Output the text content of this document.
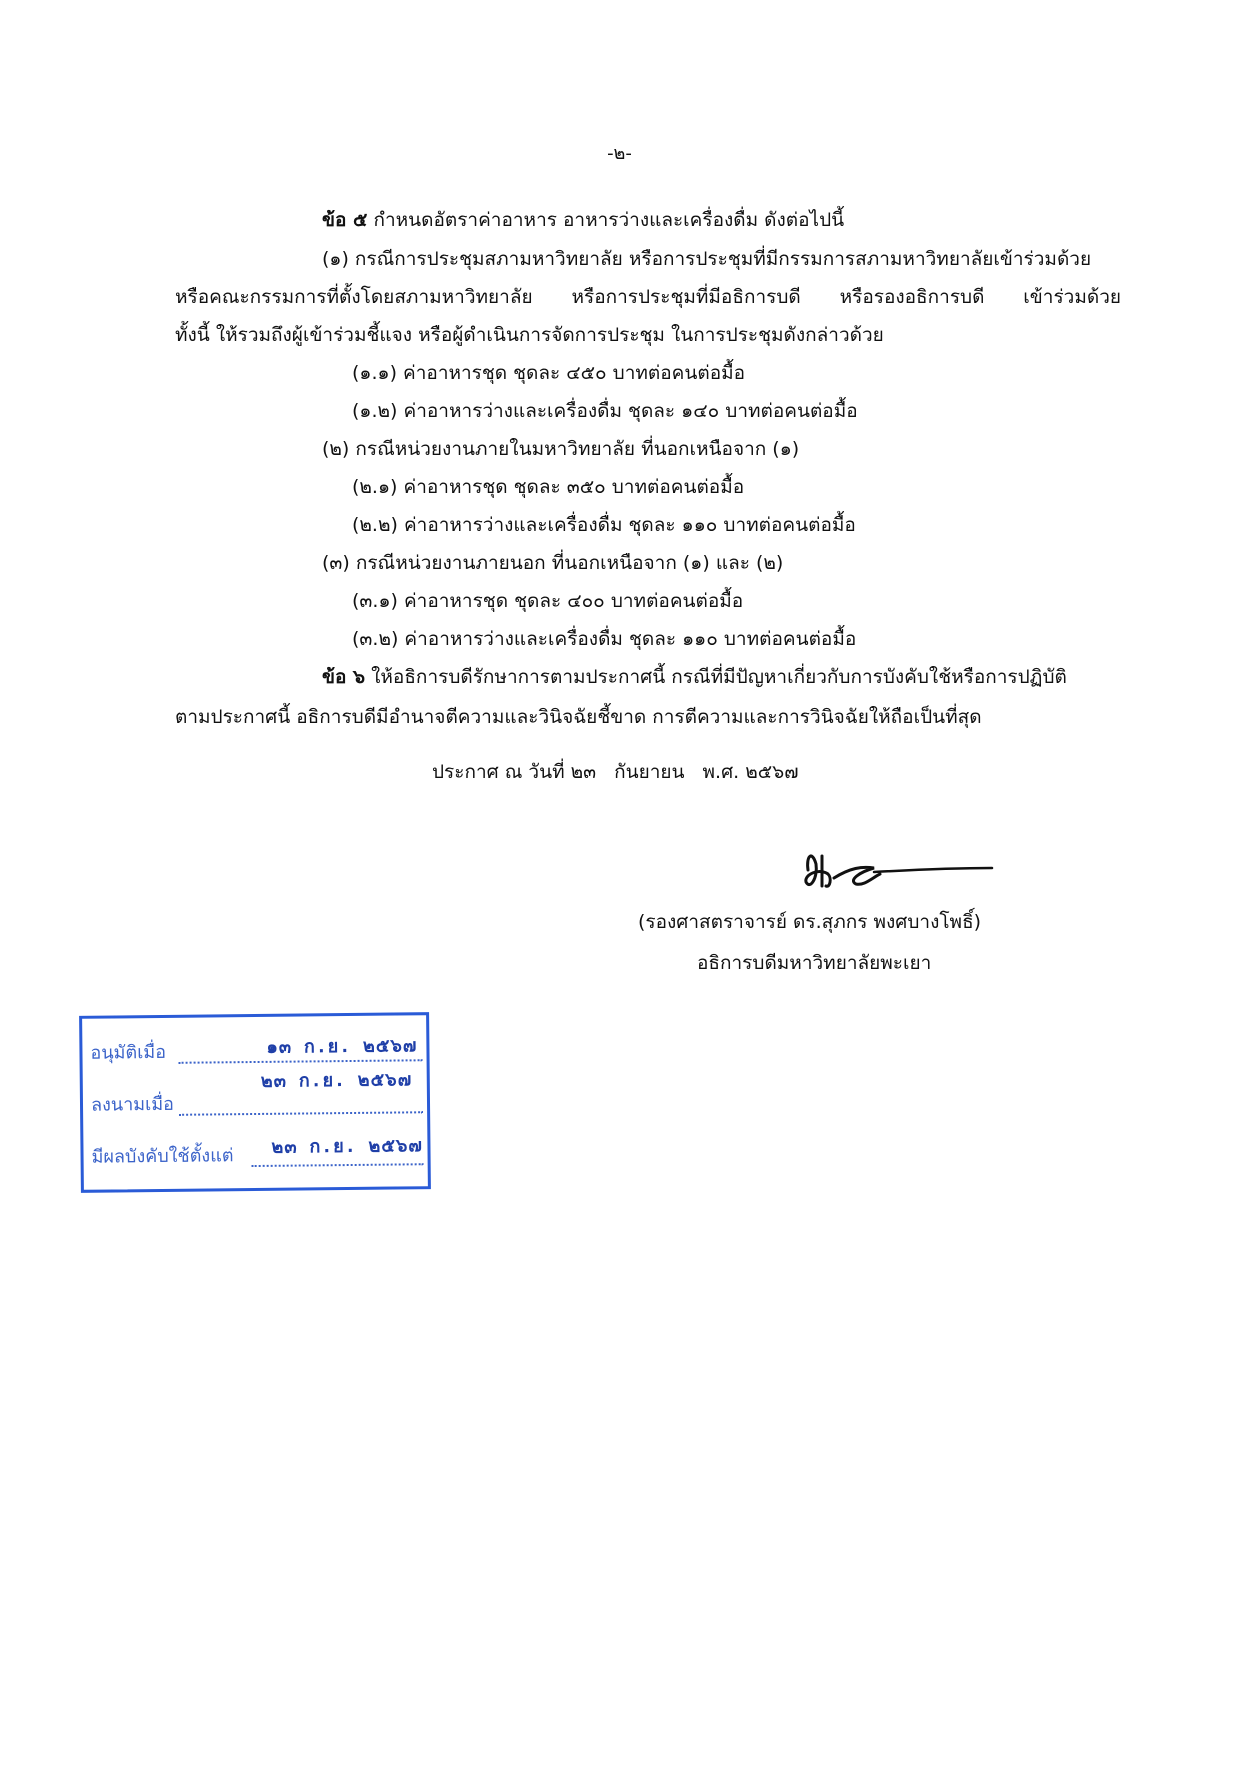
-๒-
ข้อ ๕ กำหนดอัตราค่าอาหาร อาหารว่างและเครื่องดื่ม ดังต่อไปนี้
(๑) กรณีการประชุมสภามหาวิทยาลัย หรือการประชุมที่มีกรรมการสภามหาวิทยาลัยเข้าร่วมด้วย
หรือคณะกรรมการที่ตั้งโดยสภามหาวิทยาลัย หรือการประชุมที่มีอธิการบดี หรือรองอธิการบดี เข้าร่วมด้วย
ทั้งนี้ ให้รวมถึงผู้เข้าร่วมชี้แจง หรือผู้ดำเนินการจัดการประชุม ในการประชุมดังกล่าวด้วย
(๑.๑) ค่าอาหารชุด ชุดละ ๔๕๐ บาทต่อคนต่อมื้อ
(๑.๒) ค่าอาหารว่างและเครื่องดื่ม ชุดละ ๑๔๐ บาทต่อคนต่อมื้อ
(๒) กรณีหน่วยงานภายในมหาวิทยาลัย ที่นอกเหนือจาก (๑)
(๒.๑) ค่าอาหารชุด ชุดละ ๓๕๐ บาทต่อคนต่อมื้อ
(๒.๒) ค่าอาหารว่างและเครื่องดื่ม ชุดละ ๑๑๐ บาทต่อคนต่อมื้อ
(๓) กรณีหน่วยงานภายนอก ที่นอกเหนือจาก (๑) และ (๒)
(๓.๑) ค่าอาหารชุด ชุดละ ๔๐๐ บาทต่อคนต่อมื้อ
(๓.๒) ค่าอาหารว่างและเครื่องดื่ม ชุดละ ๑๑๐ บาทต่อคนต่อมื้อ
ข้อ ๖ ให้อธิการบดีรักษาการตามประกาศนี้ กรณีที่มีปัญหาเกี่ยวกับการบังคับใช้หรือการปฏิบัติ
ตามประกาศนี้ อธิการบดีมีอำนาจตีความและวินิจฉัยชี้ขาด การตีความและการวินิจฉัยให้ถือเป็นที่สุด
ประกาศ ณ วันที่ ๒๓ กันยายน พ.ศ. ๒๕๖๗
(รองศาสตราจารย์ ดร.สุภกร พงศบางโพธิ์)
อธิการบดีมหาวิทยาลัยพะเยา
อนุมัติเมื่อ	๑๓ ก.ย. ๒๕๖๗
ลงนามเมื่อ
๒๓ ก.ย. ๒๕๖๗
มีผลบังคับใช้ตั้งแต่ ๒๓ ก.ย. ๒๕๖๗
